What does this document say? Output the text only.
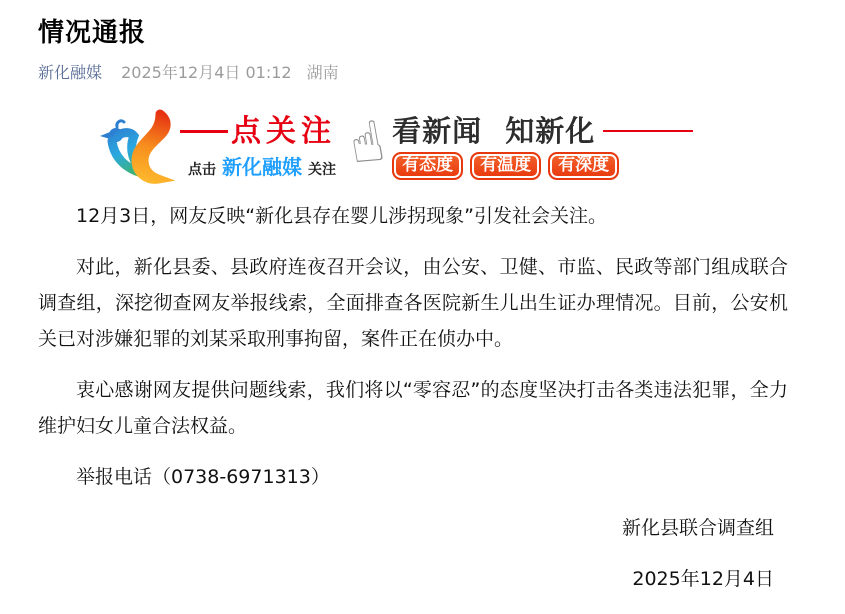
情况通报
新化融媒 2025年12月4日 01:12 湖南
点关注
点击 新化融媒 关注 ☝ 看新闻 知新化
有态度	有温度	有深度

12月3日，网友反映“新化县存在婴儿涉拐现象”引发社会关注。

对此，新化县委、县政府连夜召开会议，由公安、卫健、市监、民政等部门组成联合调查组，深挖彻查网友举报线索，全面排查各医院新生儿出生证办理情况。目前，公安机关已对涉嫌犯罪的刘某采取刑事拘留，案件正在侦办中。

衷心感谢网友提供问题线索，我们将以“零容忍”的态度坚决打击各类违法犯罪，全力维护妇女儿童合法权益。

举报电话（0738-6971313）

新化县联合调查组

2025年12月4日
